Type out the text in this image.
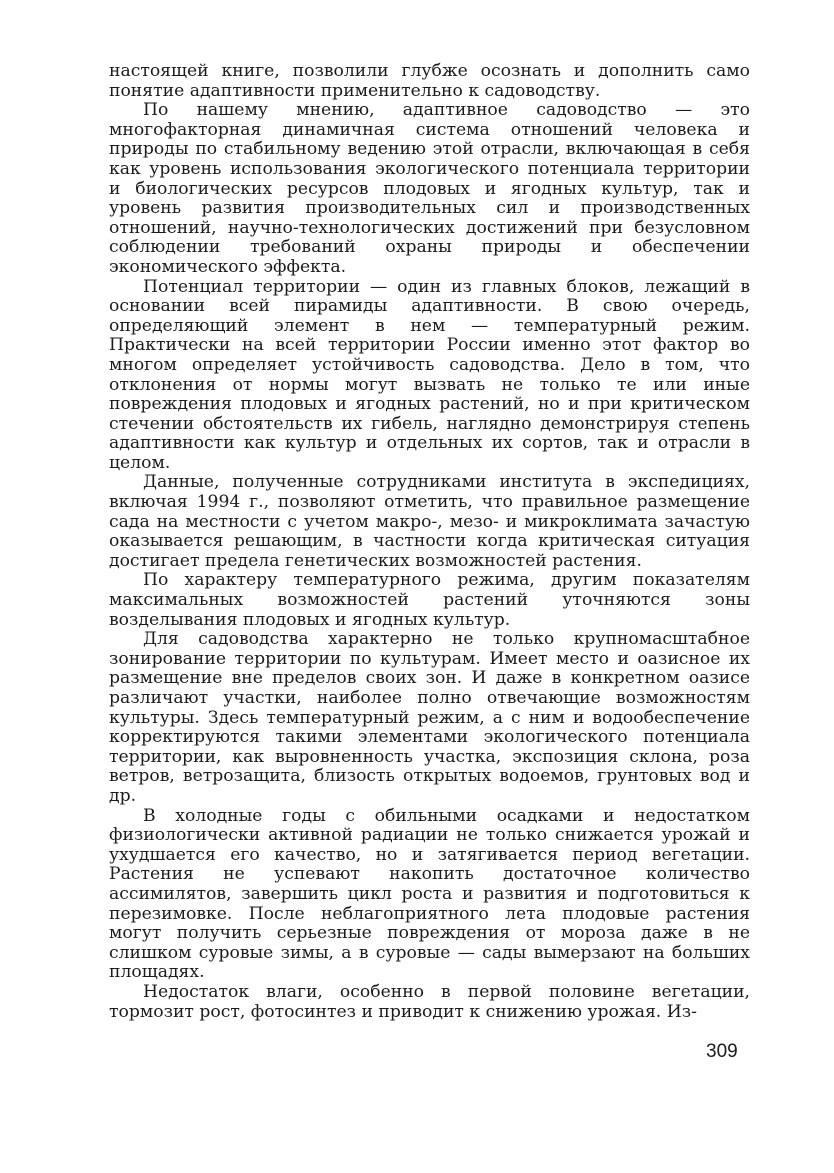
настоящей книге, позволили глубже осознать и дополнить само понятие адаптивности применительно к садоводству.

По нашему мнению, адаптивное садоводство — это многофакторная динамичная система отношений человека и природы по стабильному ведению этой отрасли, включающая в себя как уровень использования экологического потенциала территории и биологических ресурсов плодовых и ягодных культур, так и уровень развития производительных сил и производственных отношений, научно-технологических достижений при безусловном соблюдении требований охраны природы и обеспечении экономического эффекта.

Потенциал территории — один из главных блоков, лежащий в основании всей пирамиды адаптивности. В свою очередь, определяющий элемент в нем — температурный режим. Практически на всей территории России именно этот фактор во многом определяет устойчивость садоводства. Дело в том, что отклонения от нормы могут вызвать не только те или иные повреждения плодовых и ягодных растений, но и при критическом стечении обстоятельств их гибель, наглядно демонстрируя степень адаптивности как культур и отдельных их сортов, так и отрасли в целом.

Данные, полученные сотрудниками института в экспедициях, включая 1994 г., позволяют отметить, что правильное размещение сада на местности с учетом макро-, мезо- и микроклимата зачастую оказывается решающим, в частности когда критическая ситуация достигает предела генетических возможностей растения.

По характеру температурного режима, другим показателям максимальных возможностей растений уточняются зоны возделывания плодовых и ягодных культур.

Для садоводства характерно не только крупномасштабное зонирование территории по культурам. Имеет место и оазисное их размещение вне пределов своих зон. И даже в конкретном оазисе различают участки, наиболее полно отвечающие возможностям культуры. Здесь температурный режим, а с ним и водообеспечение корректируются такими элементами экологического потенциала территории, как выровненность участка, экспозиция склона, роза ветров, ветрозащита, близость открытых водоемов, грунтовых вод и др.

В холодные годы с обильными осадками и недостатком физиологически активной радиации не только снижается урожай и ухудшается его качество, но и затягивается период вегетации. Растения не успевают накопить достаточное количество ассимилятов, завершить цикл роста и развития и подготовиться к перезимовке. После неблагоприятного лета плодовые растения могут получить серьезные повреждения от мороза даже в не слишком суровые зимы, а в суровые — сады вымерзают на больших площадях.

Недостаток влаги, особенно в первой половине вегетации, тормозит рост, фотосинтез и приводит к снижению урожая. Из-

309
